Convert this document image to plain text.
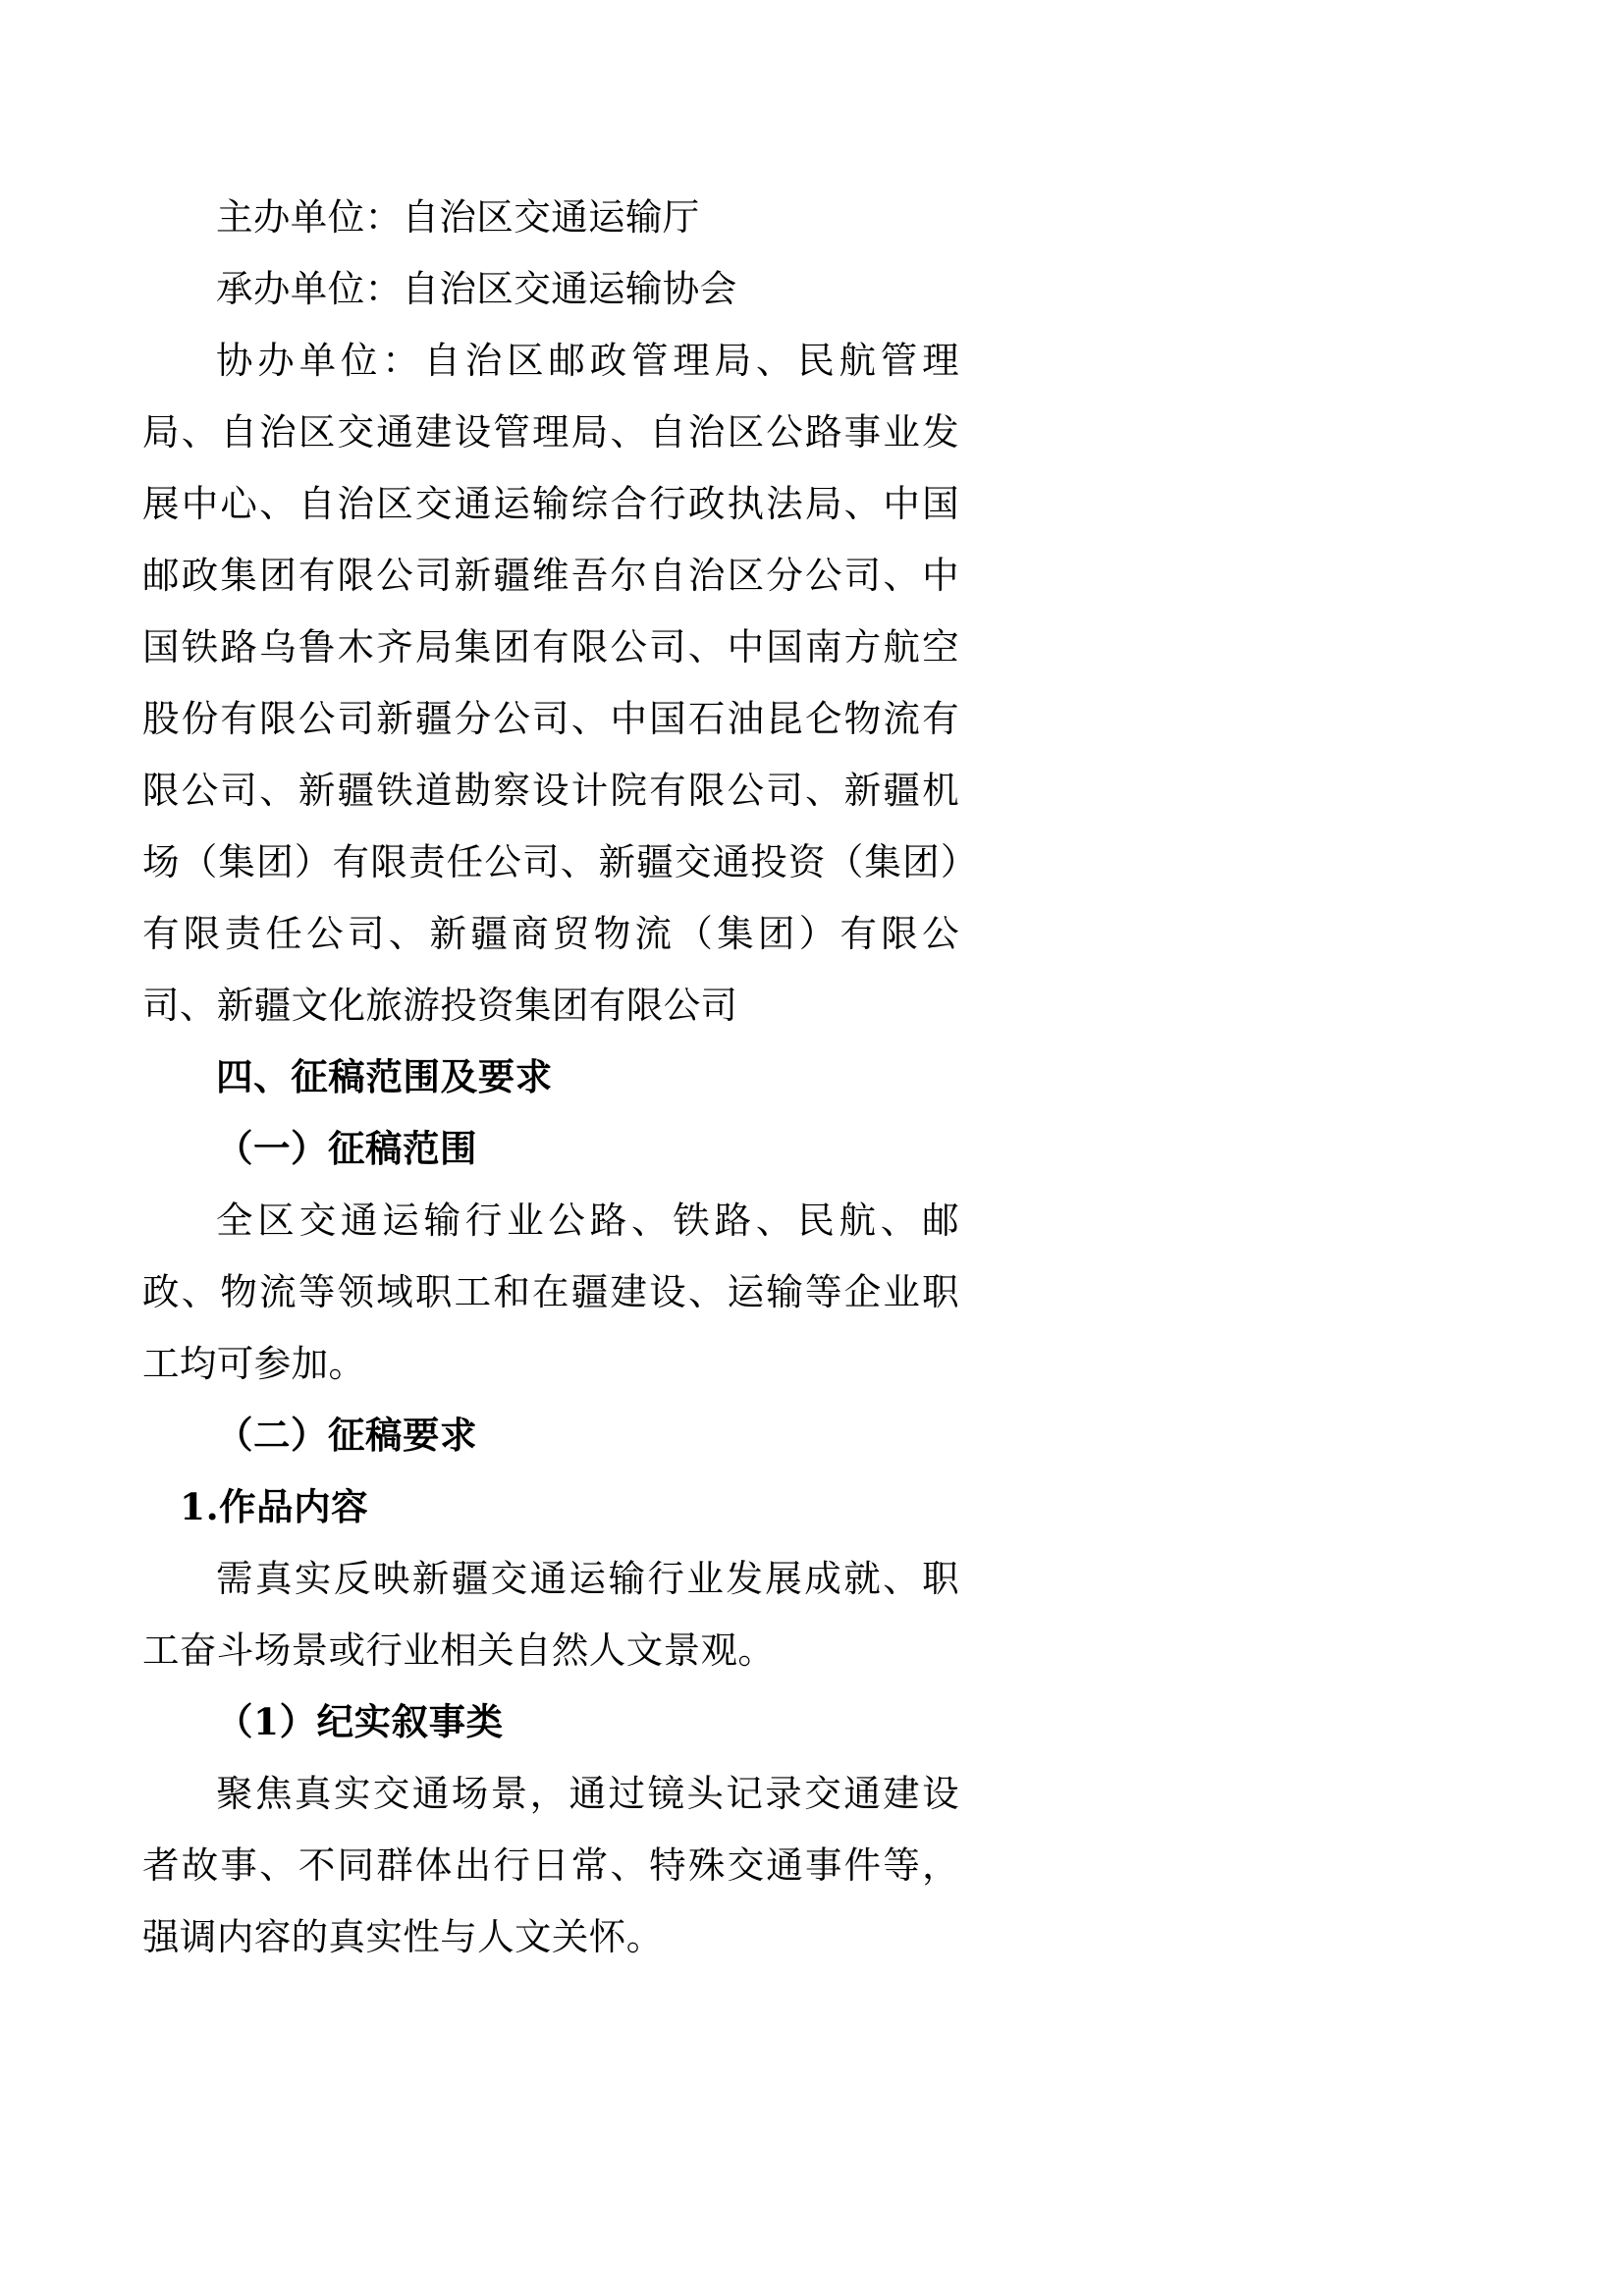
主办单位：自治区交通运输厅

承办单位：自治区交通运输协会

协办单位：自治区邮政管理局、民航管理局、自治区交通建设管理局、自治区公路事业发展中心、自治区交通运输综合行政执法局、中国邮政集团有限公司新疆维吾尔自治区分公司、中国铁路乌鲁木齐局集团有限公司、中国南方航空股份有限公司新疆分公司、中国石油昆仑物流有限公司、新疆铁道勘察设计院有限公司、新疆机场（集团）有限责任公司、新疆交通投资（集团）有限责任公司、新疆商贸物流（集团）有限公司、新疆文化旅游投资集团有限公司

四、征稿范围及要求
（一）征稿范围

全区交通运输行业公路、铁路、民航、邮政、物流等领域职工和在疆建设、运输等企业职工均可参加。

（二）征稿要求
1.作品内容

需真实反映新疆交通运输行业发展成就、职工奋斗场景或行业相关自然人文景观。

（1）纪实叙事类

聚焦真实交通场景，通过镜头记录交通建设者故事、不同群体出行日常、特殊交通事件等，强调内容的真实性与人文关怀。
